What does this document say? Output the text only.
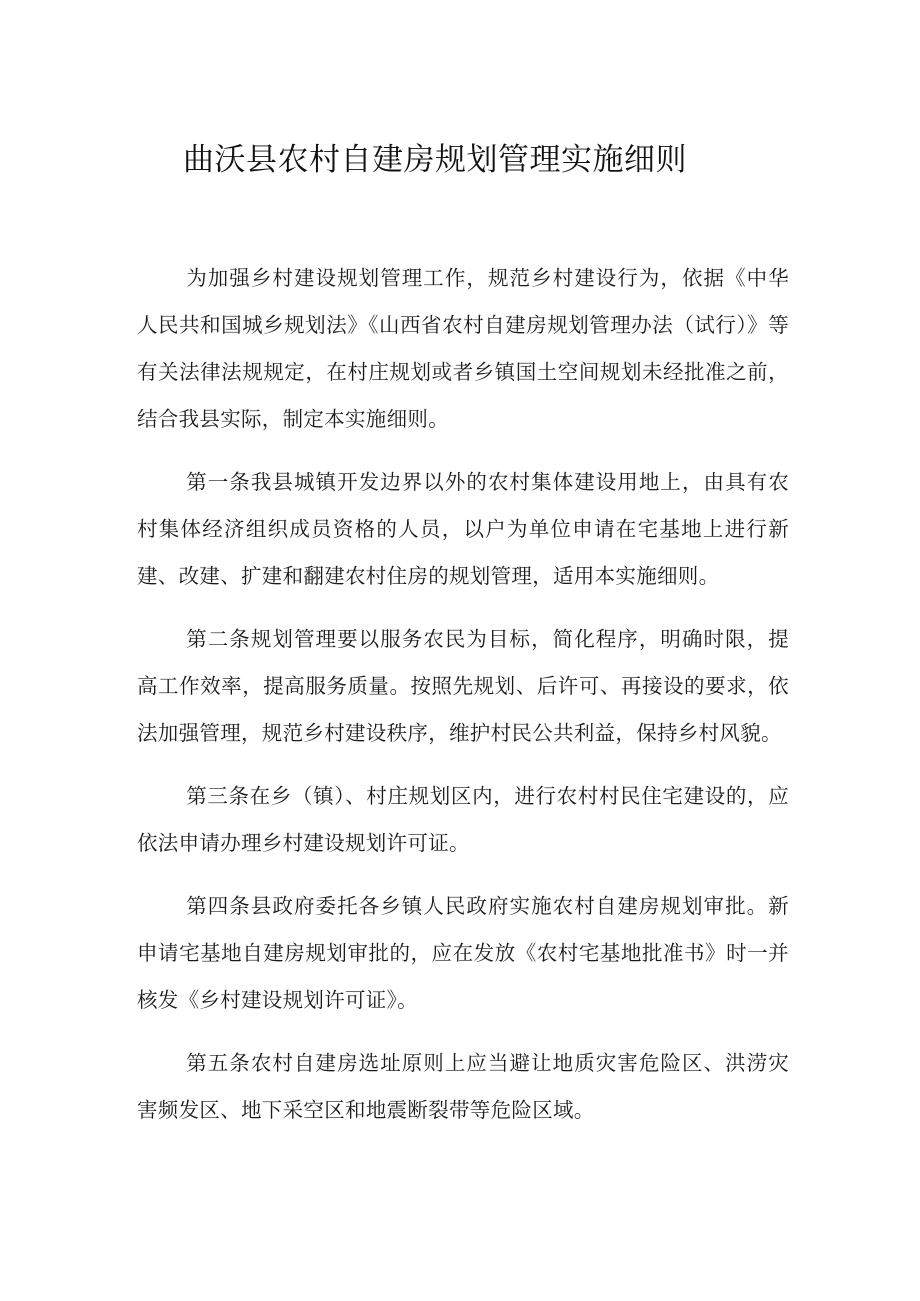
曲沃县农村自建房规划管理实施细则

为加强乡村建设规划管理工作，规范乡村建设行为，依据《中华人民共和国城乡规划法》《山西省农村自建房规划管理办法（试行）》等有关法律法规规定，在村庄规划或者乡镇国土空间规划未经批准之前，结合我县实际，制定本实施细则。

第一条我县城镇开发边界以外的农村集体建设用地上，由具有农村集体经济组织成员资格的人员，以户为单位申请在宅基地上进行新建、改建、扩建和翻建农村住房的规划管理，适用本实施细则。

第二条规划管理要以服务农民为目标，简化程序，明确时限，提高工作效率，提高服务质量。按照先规划、后许可、再接设的要求，依法加强管理，规范乡村建设秩序，维护村民公共利益，保持乡村风貌。

第三条在乡（镇）、村庄规划区内，进行农村村民住宅建设的，应依法申请办理乡村建设规划许可证。

第四条县政府委托各乡镇人民政府实施农村自建房规划审批。新申请宅基地自建房规划审批的，应在发放《农村宅基地批准书》时一并核发《乡村建设规划许可证》。

第五条农村自建房选址原则上应当避让地质灾害危险区、洪涝灾害频发区、地下采空区和地震断裂带等危险区域。
